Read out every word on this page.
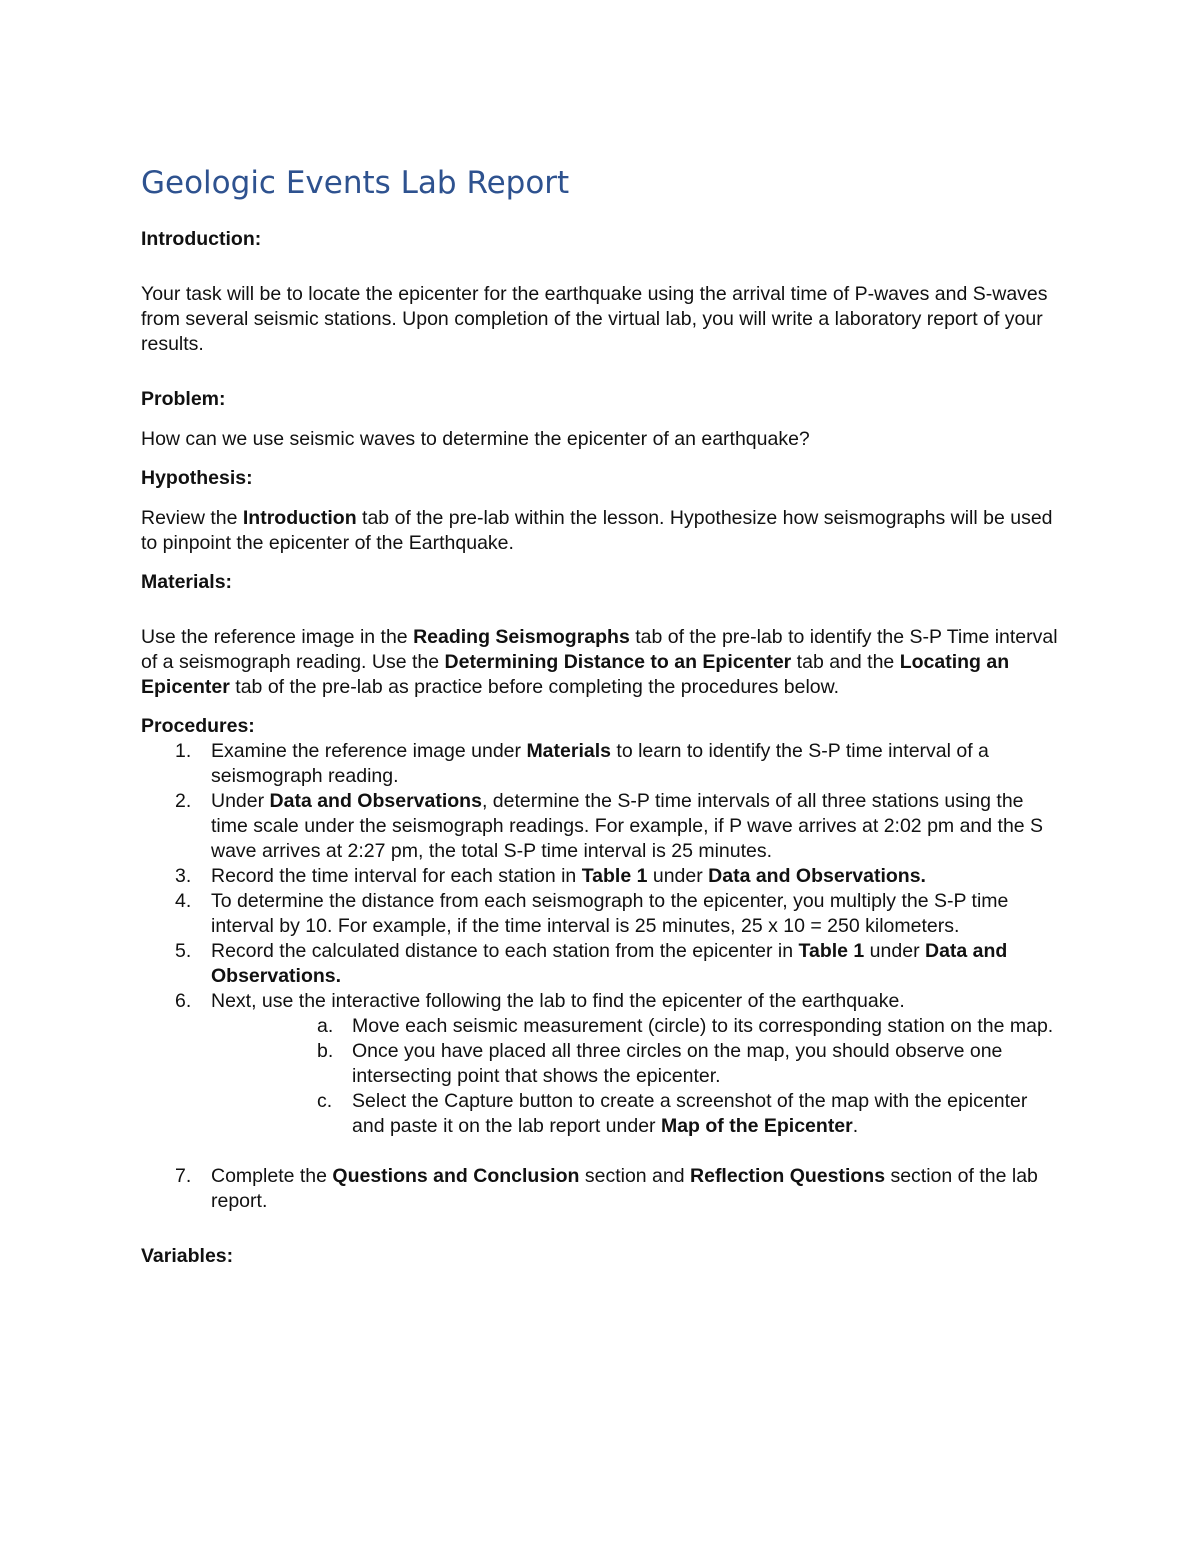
Geologic Events Lab Report

Introduction:

Your task will be to locate the epicenter for the earthquake using the arrival time of P-waves and S-waves from several seismic stations. Upon completion of the virtual lab, you will write a laboratory report of your results.

Problem:

How can we use seismic waves to determine the epicenter of an earthquake?

Hypothesis:

Review the Introduction tab of the pre-lab within the lesson. Hypothesize how seismographs will be used to pinpoint the epicenter of the Earthquake.

Materials:

Use the reference image in the Reading Seismographs tab of the pre-lab to identify the S-P Time interval of a seismograph reading. Use the Determining Distance to an Epicenter tab and the Locating an Epicenter tab of the pre-lab as practice before completing the procedures below.

Procedures:

1.	Examine the reference image under Materials to learn to identify the S-P time interval of a seismograph reading.
2.	Under Data and Observations, determine the S-P time intervals of all three stations using the time scale under the seismograph readings. For example, if P wave arrives at 2:02 pm and the S wave arrives at 2:27 pm, the total S-P time interval is 25 minutes.
3.	Record the time interval for each station in Table 1 under Data and Observations.
4.	To determine the distance from each seismograph to the epicenter, you multiply the S-P time interval by 10. For example, if the time interval is 25 minutes, 25 x 10 = 250 kilometers.
5.	Record the calculated distance to each station from the epicenter in Table 1 under Data and Observations.
6.	Next, use the interactive following the lab to find the epicenter of the earthquake.
a. Move each seismic measurement (circle) to its corresponding station on the map.
b. Once you have placed all three circles on the map, you should observe one intersecting point that shows the epicenter.
c. Select the Capture button to create a screenshot of the map with the epicenter and paste it on the lab report under Map of the Epicenter.
7.	Complete the Questions and Conclusion section and Reflection Questions section of the lab report.

Variables:
